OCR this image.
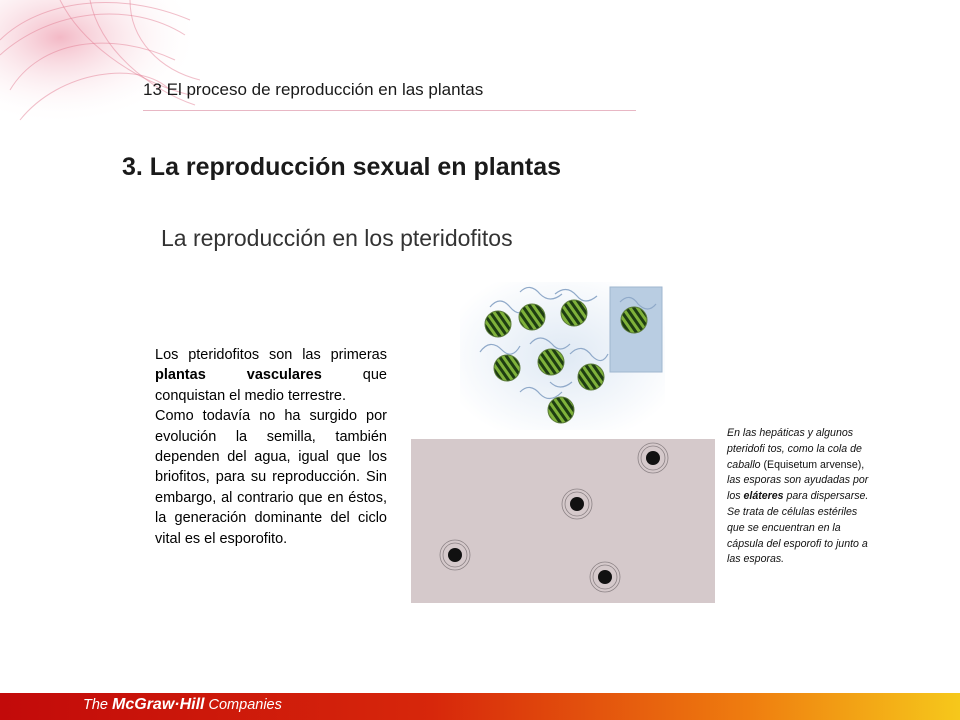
13 El proceso de reproducción en las plantas
3. La reproducción sexual en plantas
La reproducción en los pteridofitos

Los pteridofitos son las primeras plantas vasculares que conquistan el medio terrestre.

Como todavía no ha surgido por evolución la semilla, también dependen del agua, igual que los briofitos, para su reproducción. Sin embargo, al contrario que en éstos, la generación dominante del ciclo vital es el esporofito.

En las hepáticas y algunos pteridofi tos, como la cola de caballo (Equisetum arvense), las esporas son ayudadas por los eláteres para dispersarse. Se trata de células estériles que se encuentran en la cápsula del esporofi to junto a las esporas.
The McGraw·Hill Companies
